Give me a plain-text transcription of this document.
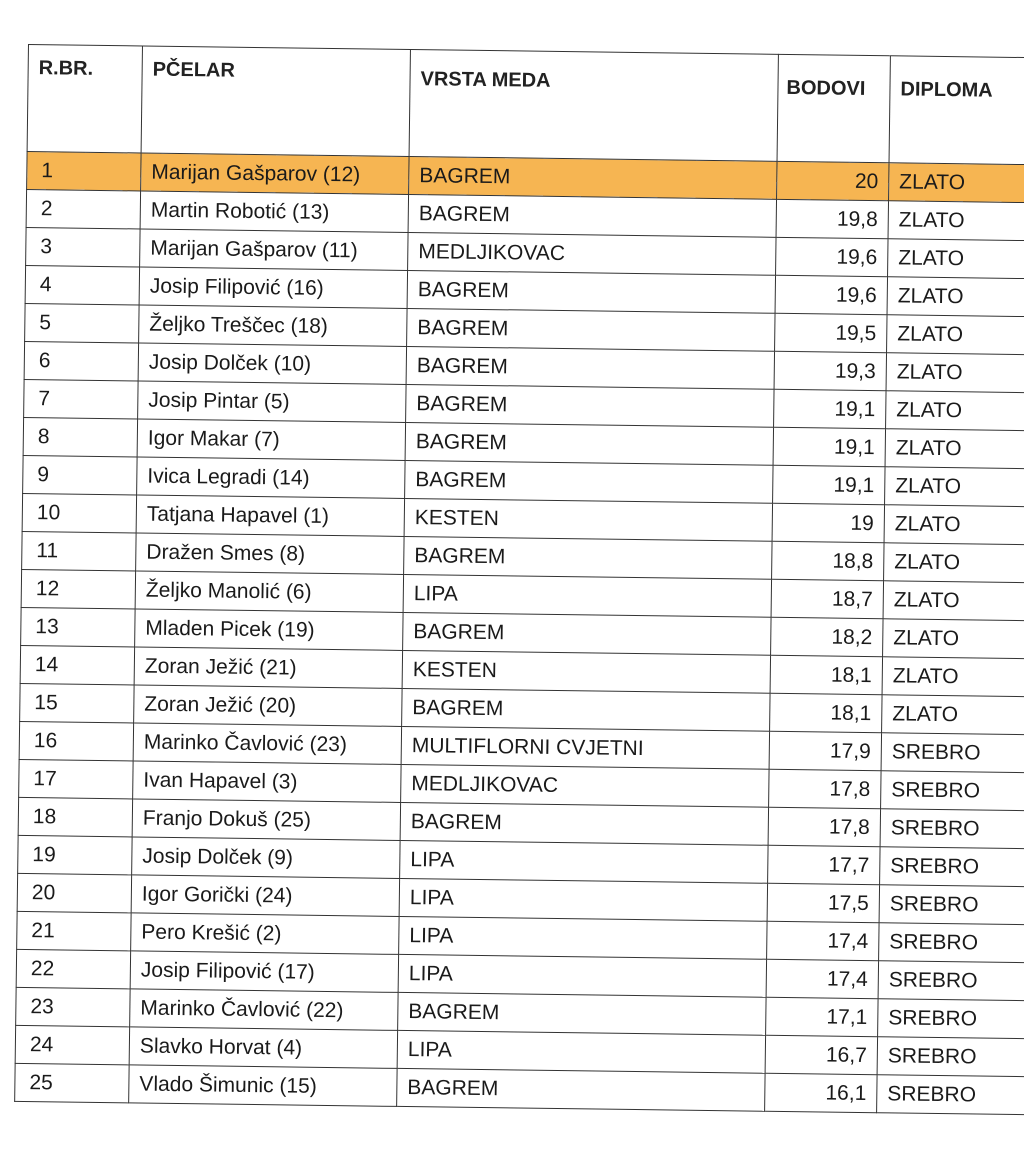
R.BR.	PČELAR	VRSTA MEDA	BODOVI	DIPLOMA
1	Marijan Gašparov (12)	BAGREM	20	ZLATO
2	Martin Robotić (13)	BAGREM	19,8	ZLATO
3	Marijan Gašparov (11)	MEDLJIKOVAC	19,6	ZLATO
4	Josip Filipović (16)	BAGREM	19,6	ZLATO
5	Željko Treščec (18)	BAGREM	19,5	ZLATO
6	Josip Dolček (10)	BAGREM	19,3	ZLATO
7	Josip Pintar (5)	BAGREM	19,1	ZLATO
8	Igor Makar (7)	BAGREM	19,1	ZLATO
9	Ivica Legradi (14)	BAGREM	19,1	ZLATO
10	Tatjana Hapavel (1)	KESTEN	19	ZLATO
11	Dražen Smes (8)	BAGREM	18,8	ZLATO
12	Željko Manolić (6)	LIPA	18,7	ZLATO
13	Mladen Picek (19)	BAGREM	18,2	ZLATO
14	Zoran Ježić (21)	KESTEN	18,1	ZLATO
15	Zoran Ježić (20)	BAGREM	18,1	ZLATO
16	Marinko Čavlović (23)	MULTIFLORNI CVJETNI	17,9	SREBRO
17	Ivan Hapavel (3)	MEDLJIKOVAC	17,8	SREBRO
18	Franjo Dokuš (25)	BAGREM	17,8	SREBRO
19	Josip Dolček (9)	LIPA	17,7	SREBRO
20	Igor Gorički (24)	LIPA	17,5	SREBRO
21	Pero Krešić (2)	LIPA	17,4	SREBRO
22	Josip Filipović (17)	LIPA	17,4	SREBRO
23	Marinko Čavlović (22)	BAGREM	17,1	SREBRO
24	Slavko Horvat (4)	LIPA	16,7	SREBRO
25	Vlado Šimunic (15)	BAGREM	16,1	SREBRO
